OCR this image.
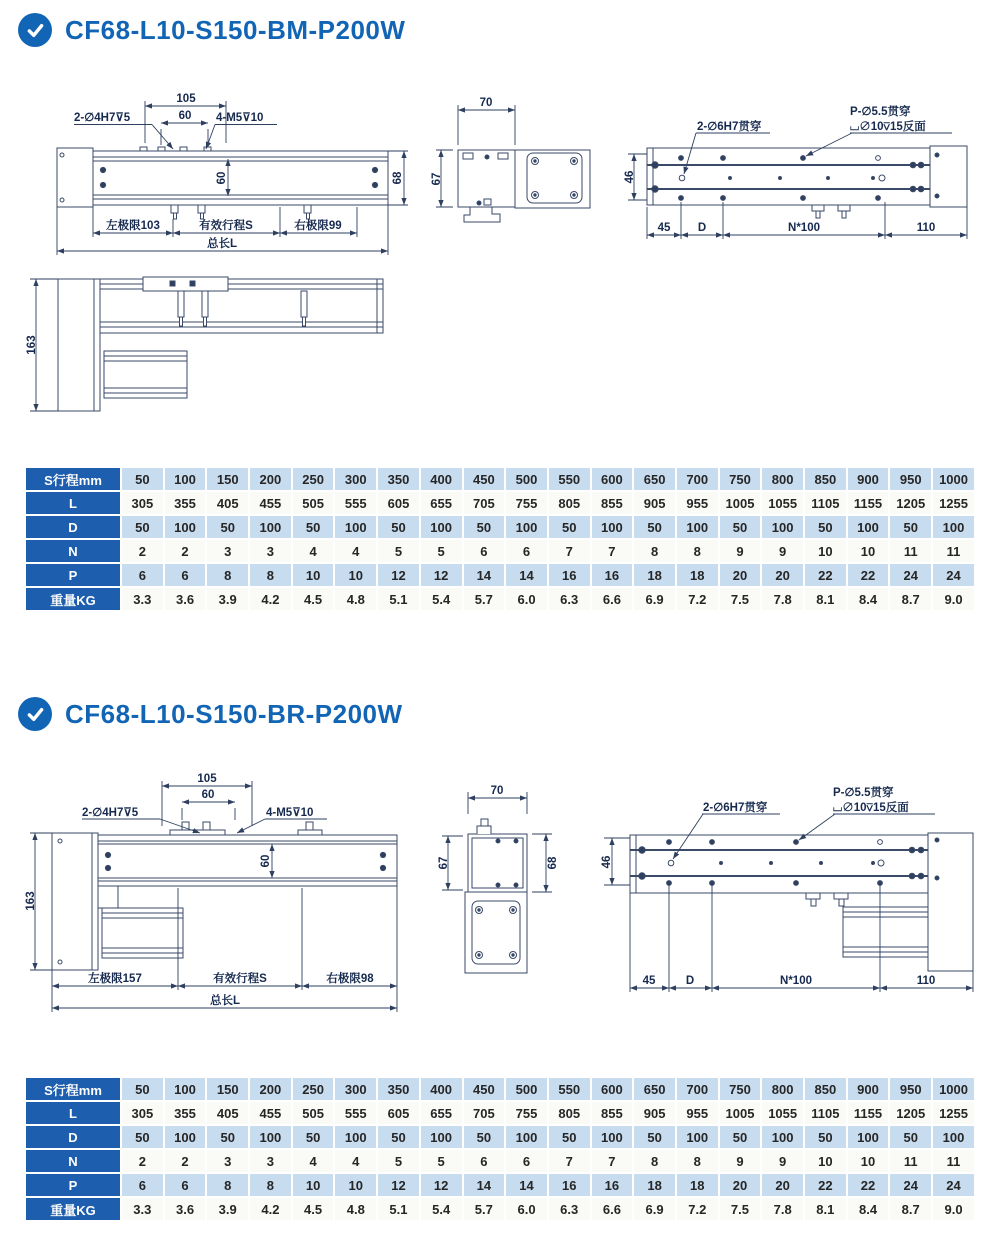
CF68-L10-S150-BM-P200W
105
60
2-∅4H7⊽5	4-M5⊽10
60	68
左极限103	有效行程S	右极限99
总长L
70
67
2-∅6H7贯穿
P-∅5.5贯穿
⌴∅10⊽15反面
46
45 D	N*100	110
163
S行程mm	50	100	150	200	250	300	350	400	450	500	550	600	650	700	750	800	850	900	950	1000
L	305	355	405	455	505	555	605	655	705	755	805	855	905	955	1005	1055	1105	1155	1205	1255
D	50	100	50	100	50	100	50	100	50	100	50	100	50	100	50	100	50	100	50	100
N	2	2	3	3	4	4	5	5	6	6	7	7	8	8	9	9	10	10	11	11
P	6	6	8	8	10	10	12	12	14	14	16	16	18	18	20	20	22	22	24	24
重量KG	3.3	3.6	3.9	4.2	4.5	4.8	5.1	5.4	5.7	6.0	6.3	6.6	6.9	7.2	7.5	7.8	8.1	8.4	8.7	9.0
CF68-L10-S150-BR-P200W
105
60
2-∅4H7⊽5	4-M5⊽10
163
60
左极限157	有效行程S	右极限98
总长L
70
67	68
2-∅6H7贯穿
P-∅5.5贯穿
⌴∅10⊽15反面
46
45	D	N*100	110
S行程mm	50	100	150	200	250	300	350	400	450	500	550	600	650	700	750	800	850	900	950	1000
L	305	355	405	455	505	555	605	655	705	755	805	855	905	955	1005	1055	1105	1155	1205	1255
D	50	100	50	100	50	100	50	100	50	100	50	100	50	100	50	100	50	100	50	100
N	2	2	3	3	4	4	5	5	6	6	7	7	8	8	9	9	10	10	11	11
P	6	6	8	8	10	10	12	12	14	14	16	16	18	18	20	20	22	22	24	24
重量KG	3.3	3.6	3.9	4.2	4.5	4.8	5.1	5.4	5.7	6.0	6.3	6.6	6.9	7.2	7.5	7.8	8.1	8.4	8.7	9.0
